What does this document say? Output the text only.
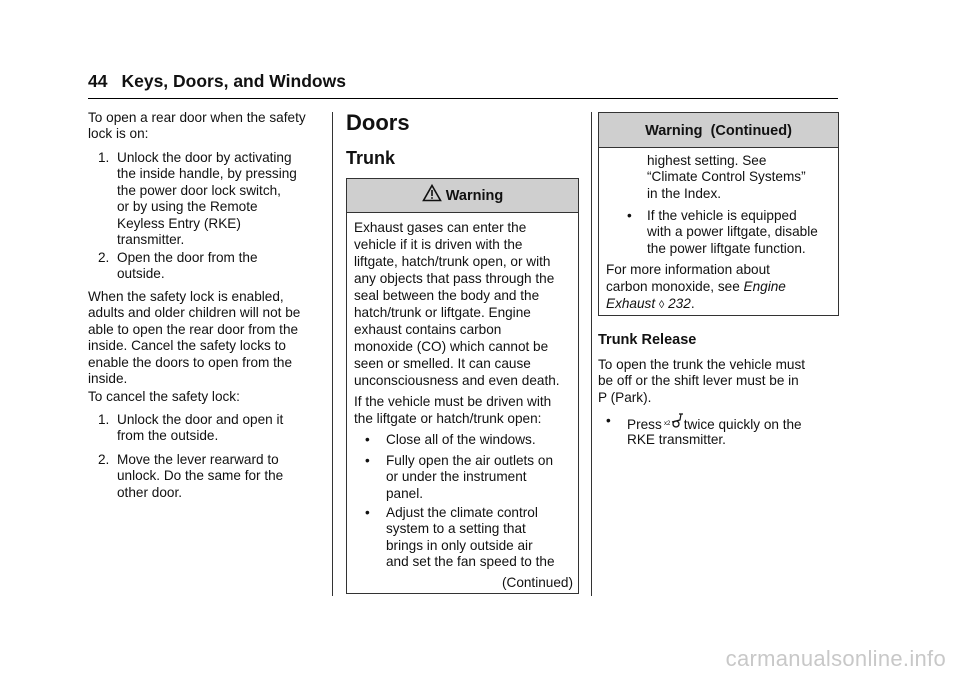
44 Keys, Doors, and Windows
To open a rear door when the safety
lock is on:
1. Unlock the door by activating
the inside handle, by pressing
the power door lock switch,
or by using the Remote
Keyless Entry (RKE)
transmitter.
2. Open the door from the
outside.
When the safety lock is enabled,
adults and older children will not be
able to open the rear door from the
inside. Cancel the safety locks to
enable the doors to open from the
inside.
To cancel the safety lock:
1. Unlock the door and open it
from the outside.
2. Move the lever rearward to
unlock. Do the same for the
other door.
Doors
Trunk
Warning
Exhaust gases can enter the
vehicle if it is driven with the
liftgate, hatch/trunk open, or with
any objects that pass through the
seal between the body and the
hatch/trunk or liftgate. Engine
exhaust contains carbon
monoxide (CO) which cannot be
seen or smelled. It can cause
unconsciousness and even death.
If the vehicle must be driven with
the liftgate or hatch/trunk open:
• Close all of the windows.
• Fully open the air outlets on
or under the instrument
panel.
• Adjust the climate control
system to a setting that
brings in only outside air
and set the fan speed to the
(Continued)
Warning  (Continued)
highest setting. See
“Climate Control Systems”
in the Index.
• If the vehicle is equipped
with a power liftgate, disable
the power liftgate function.
For more information about
carbon monoxide, see Engine
Exhaust ◊ 232.
Trunk Release
To open the trunk the vehicle must
be off or the shift lever must be in
P (Park).
• Press x2 twice quickly on the
RKE transmitter.
carmanualsonline.info
